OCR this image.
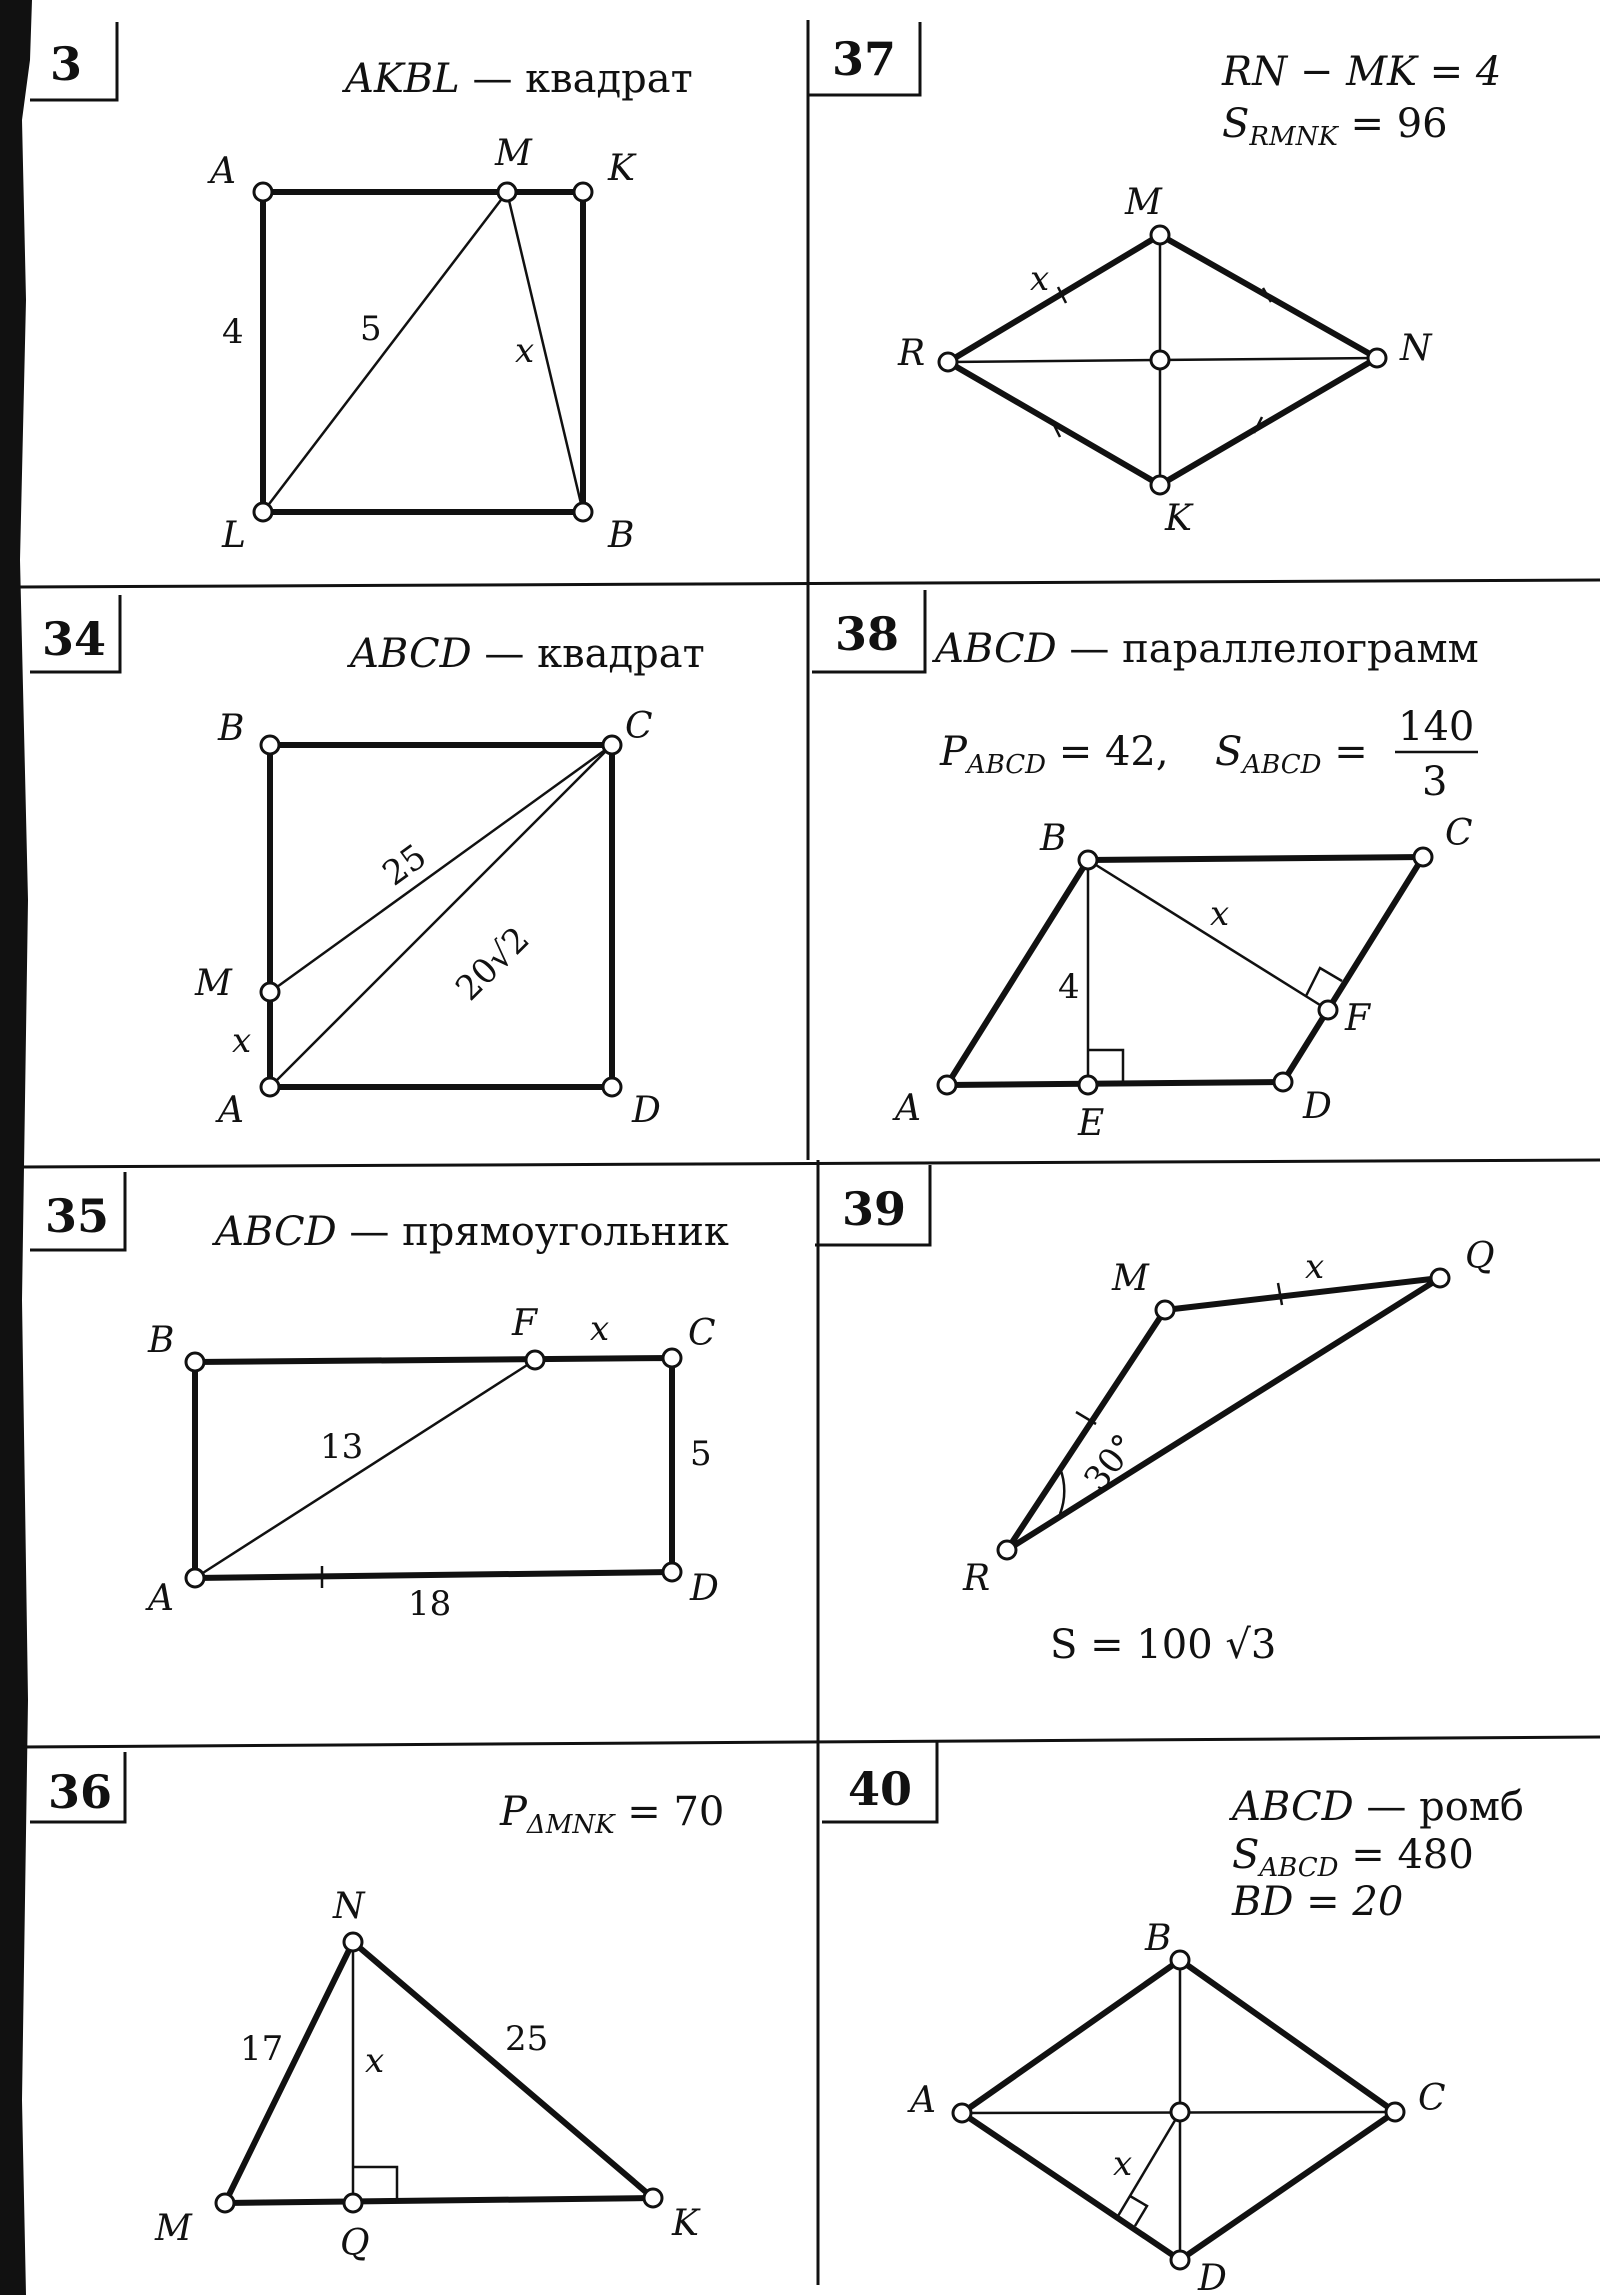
3	AKBL — квадрат
A	M K
L	B
4	5
x
37	RN − MK = 4
SRMNK = 96
M
R	N
K
x
34	ABCD — квадрат
B	C
M
A	D
25
20√2
x
38 ABCD — параллелограмм
PABCD = 42, SABCD =
140
3
B	C
F
A	E	D
x
4
35	ABCD — прямоугольник
B	F	C
A	D
x
13	5
18
39
M
Q
R
x
30°
S = 100 √3
36	PΔMNK = 70
N
M	Q	K
17 x
25
40	ABCD — ромб
SABCD = 480
BD = 20
B
A	C
D
x
